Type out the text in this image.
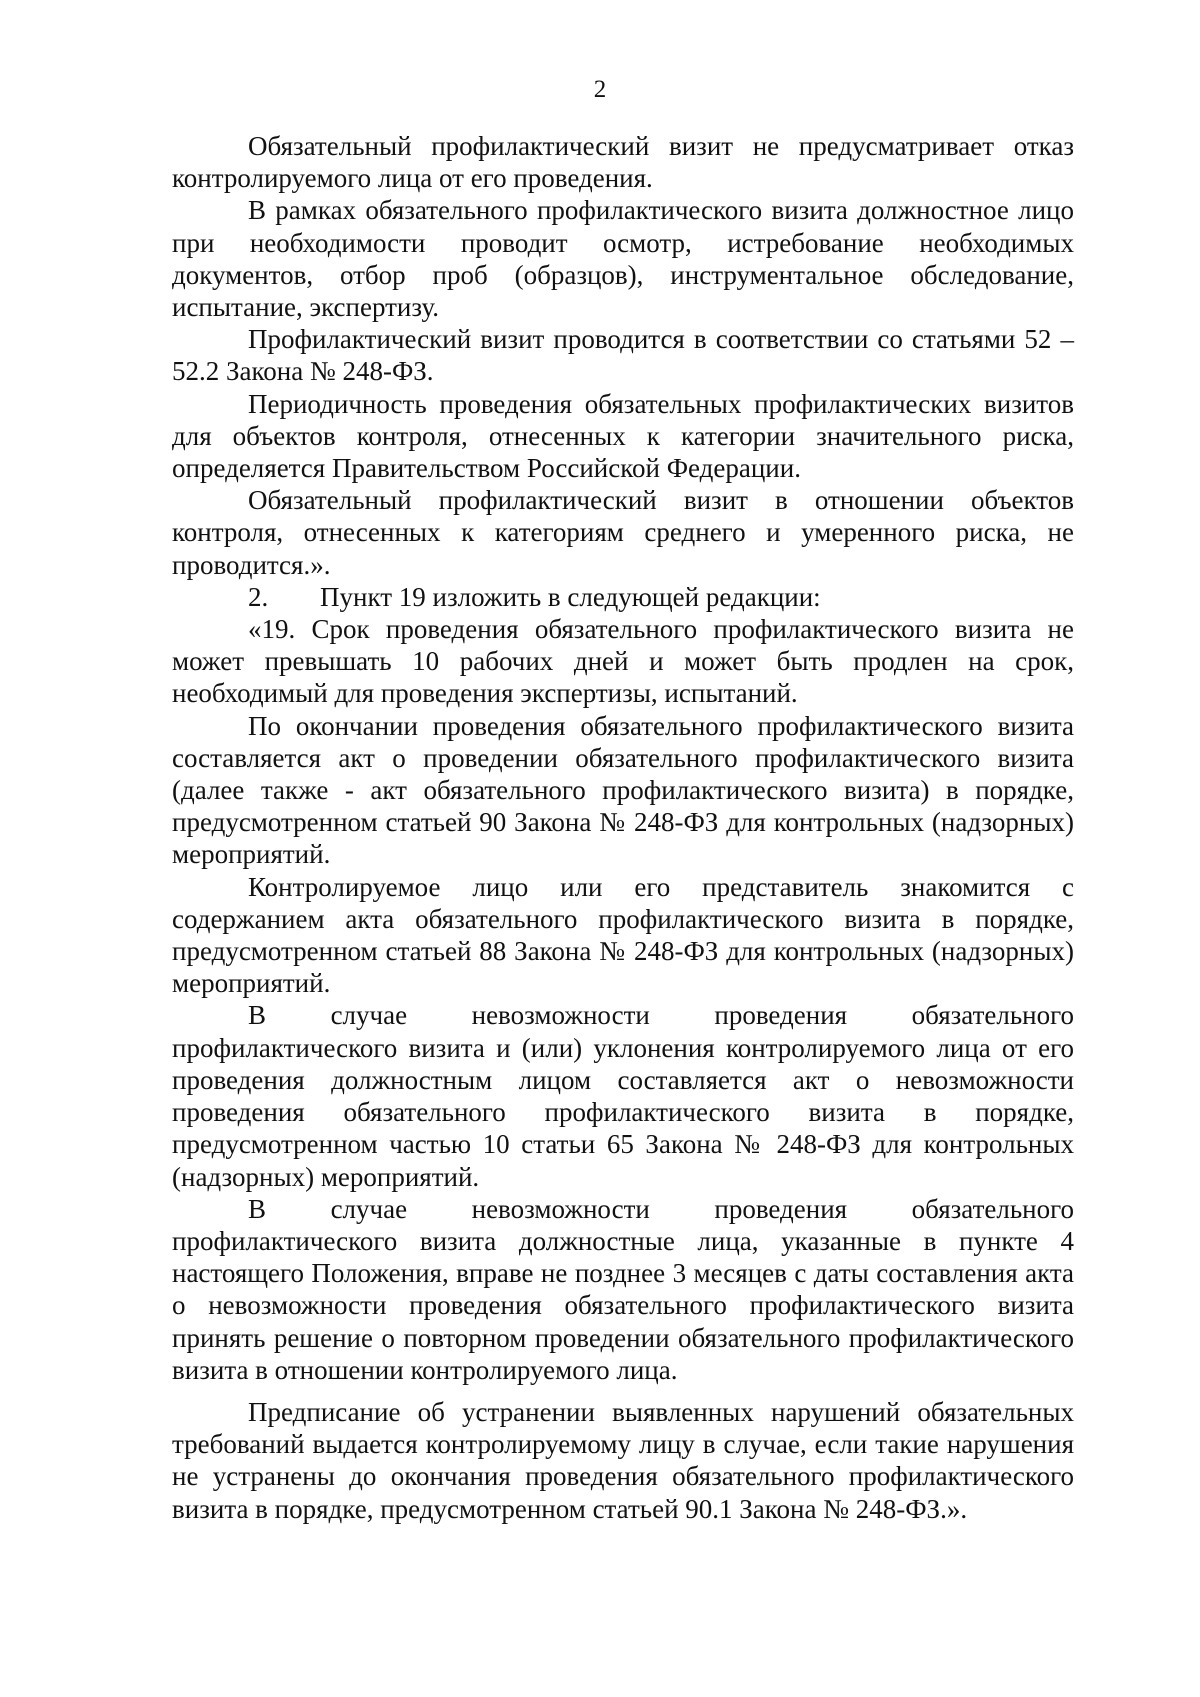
2

Обязательный профилактический визит не предусматривает отказ контролируемого лица от его проведения.

В рамках обязательного профилактического визита должностное лицо при необходимости проводит осмотр, истребование необходимых документов, отбор проб (образцов), инструментальное обследование, испытание, экспертизу.

Профилактический визит проводится в соответствии со статьями 52 – 52.2 Закона № 248-ФЗ.

Периодичность проведения обязательных профилактических визитов для объектов контроля, отнесенных к категории значительного риска, определяется Правительством Российской Федерации.

Обязательный профилактический визит в отношении объектов контроля, отнесенных к категориям среднего и умеренного риска, не проводится.».

2.	Пункт 19 изложить в следующей редакции:

«19. Срок проведения обязательного профилактического визита не может превышать 10 рабочих дней и может быть продлен на срок, необходимый для проведения экспертизы, испытаний.

По окончании проведения обязательного профилактического визита составляется акт о проведении обязательного профилактического визита (далее также - акт обязательного профилактического визита) в порядке, предусмотренном статьей 90 Закона № 248-ФЗ для контрольных (надзорных) мероприятий.

Контролируемое лицо или его представитель знакомится с содержанием акта обязательного профилактического визита в порядке, предусмотренном статьей 88 Закона № 248-ФЗ для контрольных (надзорных) мероприятий.

В случае невозможности проведения обязательного профилактического визита и (или) уклонения контролируемого лица от его проведения должностным лицом составляется акт о невозможности проведения обязательного профилактического визита в порядке, предусмотренном частью 10 статьи 65 Закона № 248-ФЗ для контрольных (надзорных) мероприятий.

В случае невозможности проведения обязательного профилактического визита должностные лица, указанные в пункте 4 настоящего Положения, вправе не позднее 3 месяцев с даты составления акта о невозможности проведения обязательного профилактического визита принять решение о повторном проведении обязательного профилактического визита в отношении контролируемого лица.

Предписание об устранении выявленных нарушений обязательных требований выдается контролируемому лицу в случае, если такие нарушения не устранены до окончания проведения обязательного профилактического визита в порядке, предусмотренном статьей 90.1 Закона № 248-ФЗ.».
